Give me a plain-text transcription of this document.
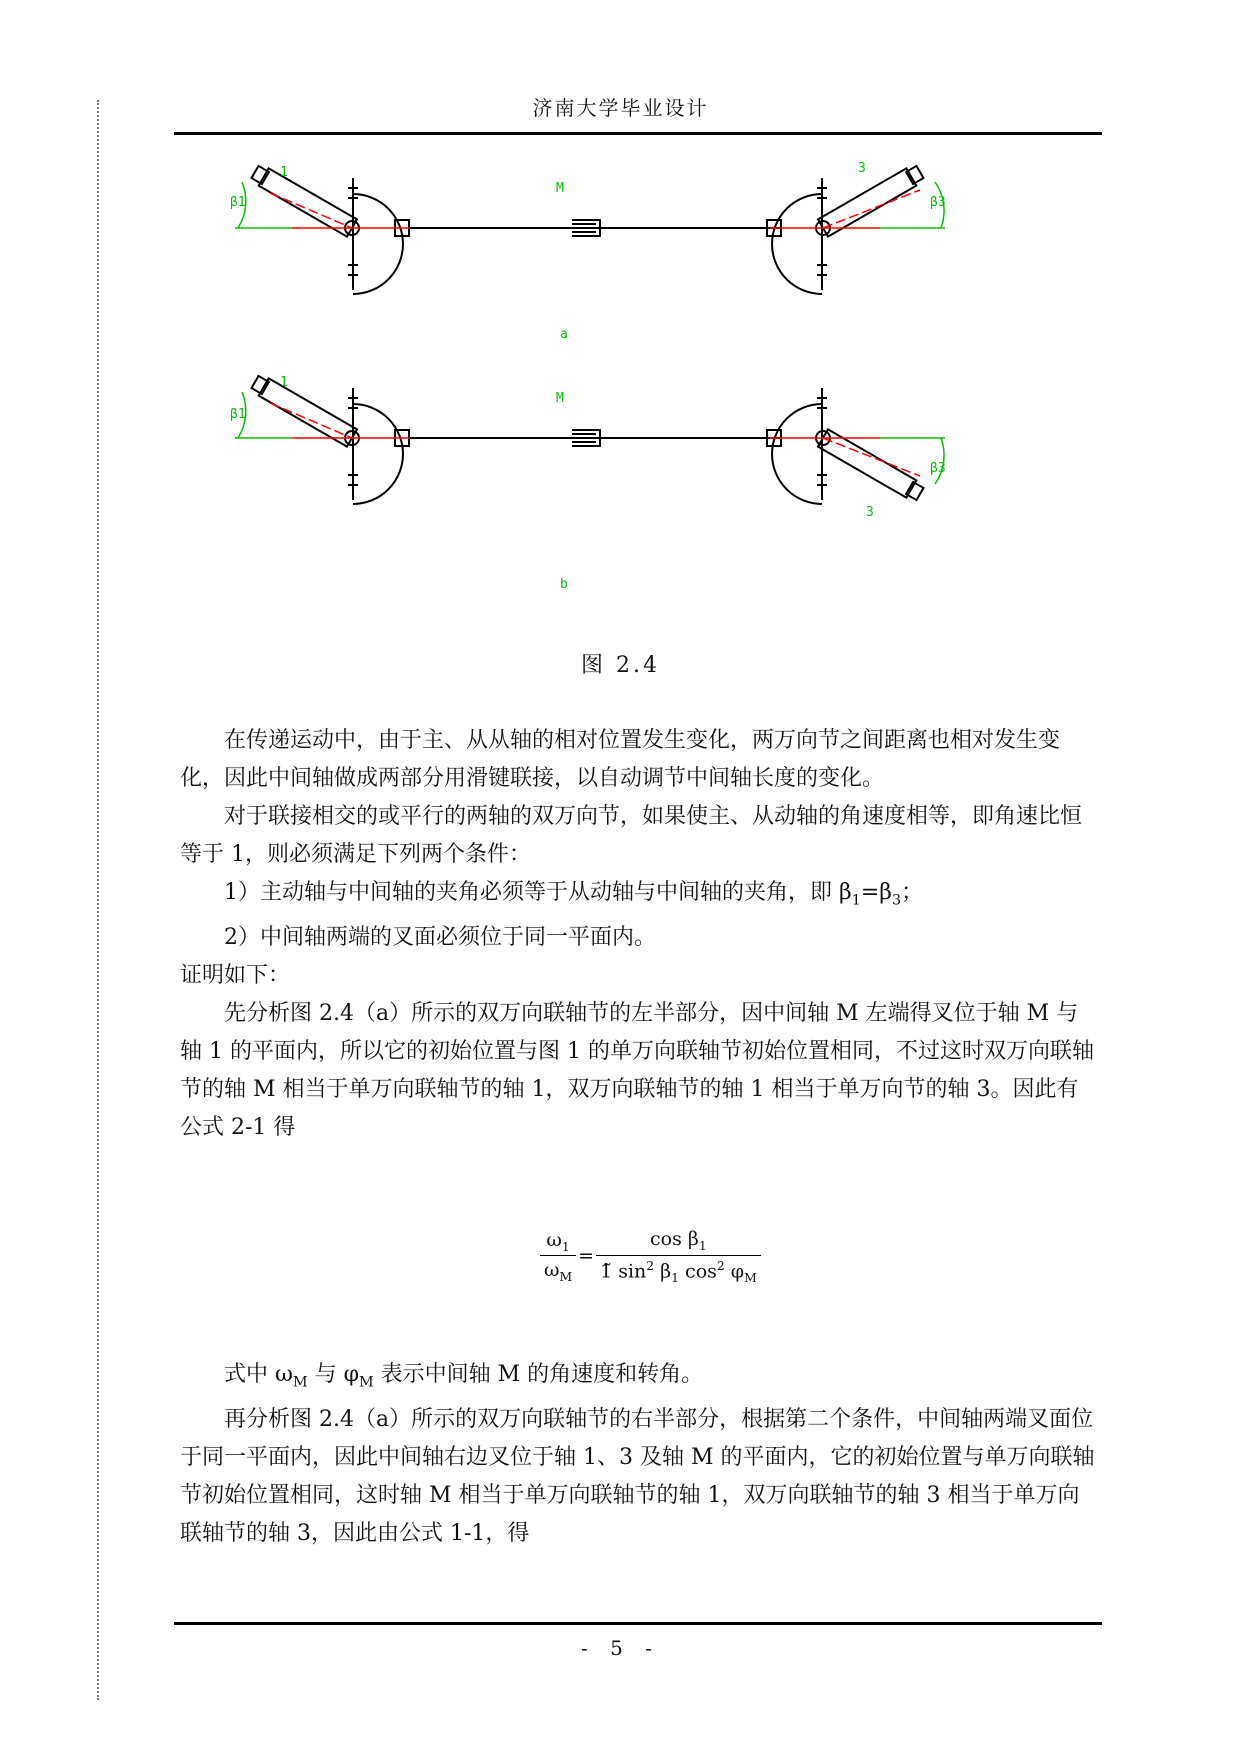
济南大学毕业设计
1	3
M
β1	β3
a
1
3
M
β1
β3
b
图 2.4

在传递运动中，由于主、从从轴的相对位置发生变化，两万向节之间距离也相对发生变化，因此中间轴做成两部分用滑键联接，以自动调节中间轴长度的变化。

对于联接相交的或平行的两轴的双万向节，如果使主、从动轴的角速度相等，即角速比恒等于 1，则必须满足下列两个条件：

1）主动轴与中间轴的夹角必须等于从动轴与中间轴的夹角，即 $\beta_1=\beta_3$；

2）中间轴两端的叉面必须位于同一平面内。

证明如下：

先分析图 2.4（a）所示的双万向联轴节的左半部分，因中间轴 M 左端得叉位于轴 M 与轴 1 的平面内，所以它的初始位置与图 1 的单万向联轴节初始位置相同，不过这时双万向联轴节的轴 M 相当于单万向联轴节的轴 1，双万向联轴节的轴 1 相当于单万向节的轴 3。因此有公式 2-1 得

$\frac{\omega_1}{\omega_M} = \frac{\cos \beta_1}{1̃ \sin^2 \beta_1 \cos^2 \varphi_M}$

式中 $\omega_M$ 与 $\varphi_M$ 表示中间轴 M 的角速度和转角。

再分析图 2.4（a）所示的双万向联轴节的右半部分，根据第二个条件，中间轴两端叉面位于同一平面内，因此中间轴右边叉位于轴 1、3 及轴 M 的平面内，它的初始位置与单万向联轴节初始位置相同，这时轴 M 相当于单万向联轴节的轴 1，双万向联轴节的轴 3 相当于单万向联轴节的轴 3，因此由公式 1-1，得

- 5 -
